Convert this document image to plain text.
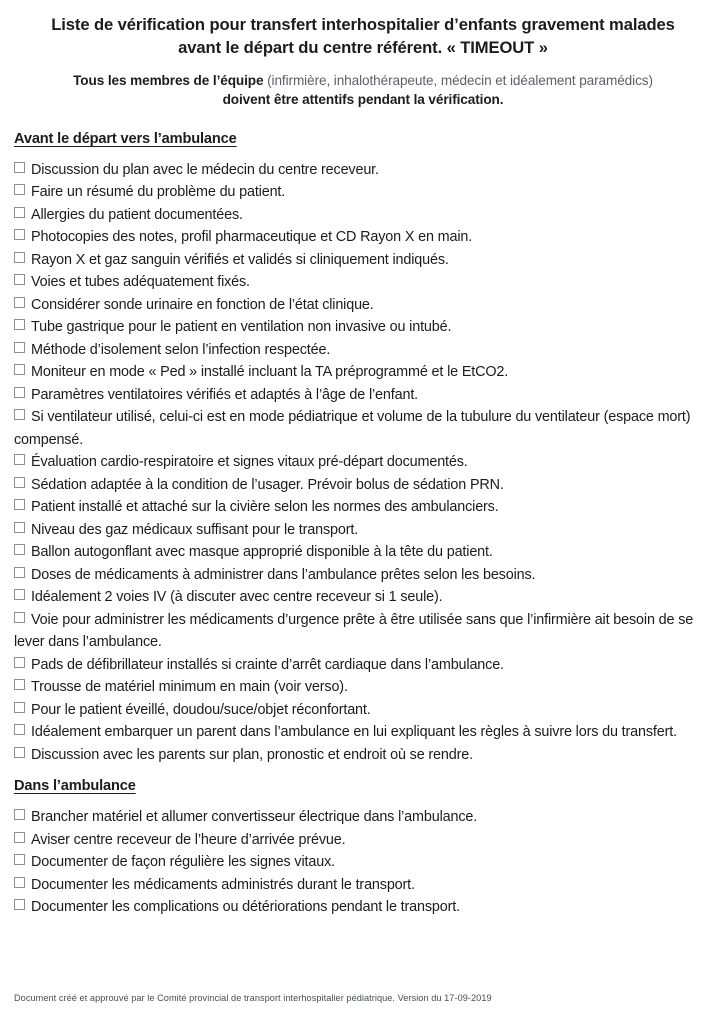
Liste de vérification pour transfert interhospitalier d’enfants gravement malades avant le départ du centre référent. « TIMEOUT »
Tous les membres de l’équipe (infirmière, inhalothérapeute, médecin et idéalement paramédics)
doivent être attentifs pendant la vérification.
Avant le départ vers l’ambulance
Discussion du plan avec le médecin du centre receveur.
Faire un résumé du problème du patient.
Allergies du patient documentées.
Photocopies des notes, profil pharmaceutique et CD Rayon X en main.
Rayon X et gaz sanguin vérifiés et validés si cliniquement indiqués.
Voies et tubes adéquatement fixés.
Considérer sonde urinaire en fonction de l’état clinique.
Tube gastrique pour le patient en ventilation non invasive ou intubé.
Méthode d’isolement selon l’infection respectée.
Moniteur en mode « Ped » installé incluant la TA préprogrammé et le EtCO2.
Paramètres ventilatoires vérifiés et adaptés à l’âge de l’enfant.
Si ventilateur utilisé, celui-ci est en mode pédiatrique et volume de la tubulure du ventilateur (espace mort) compensé.
Évaluation cardio-respiratoire et signes vitaux pré-départ documentés.
Sédation adaptée à la condition de l’usager. Prévoir bolus de sédation PRN.
Patient installé et attaché sur la civière selon les normes des ambulanciers.
Niveau des gaz médicaux suffisant pour le transport.
Ballon autogonflant avec masque approprié disponible à la tête du patient.
Doses de médicaments à administrer dans l’ambulance prêtes selon les besoins.
Idéalement 2 voies IV (à discuter avec centre receveur si 1 seule).
Voie pour administrer les médicaments d’urgence prête à être utilisée sans que l’infirmière ait besoin de se lever dans l’ambulance.
Pads de défibrillateur installés si crainte d’arrêt cardiaque dans l’ambulance.
Trousse de matériel minimum en main (voir verso).
Pour le patient éveillé, doudou/suce/objet réconfortant.
Idéalement embarquer un parent dans l’ambulance en lui expliquant les règles à suivre lors du transfert.
Discussion avec les parents sur plan, pronostic et endroit où se rendre.
Dans l’ambulance
Brancher matériel et allumer convertisseur électrique dans l’ambulance.
Aviser centre receveur de l’heure d’arrivée prévue.
Documenter de façon régulière les signes vitaux.
Documenter les médicaments administrés durant le transport.
Documenter les complications ou détériorations pendant le transport.
Document créé et approuvé par le Comité provincial de transport interhospitalier pédiatrique. Version du 17-09-2019
